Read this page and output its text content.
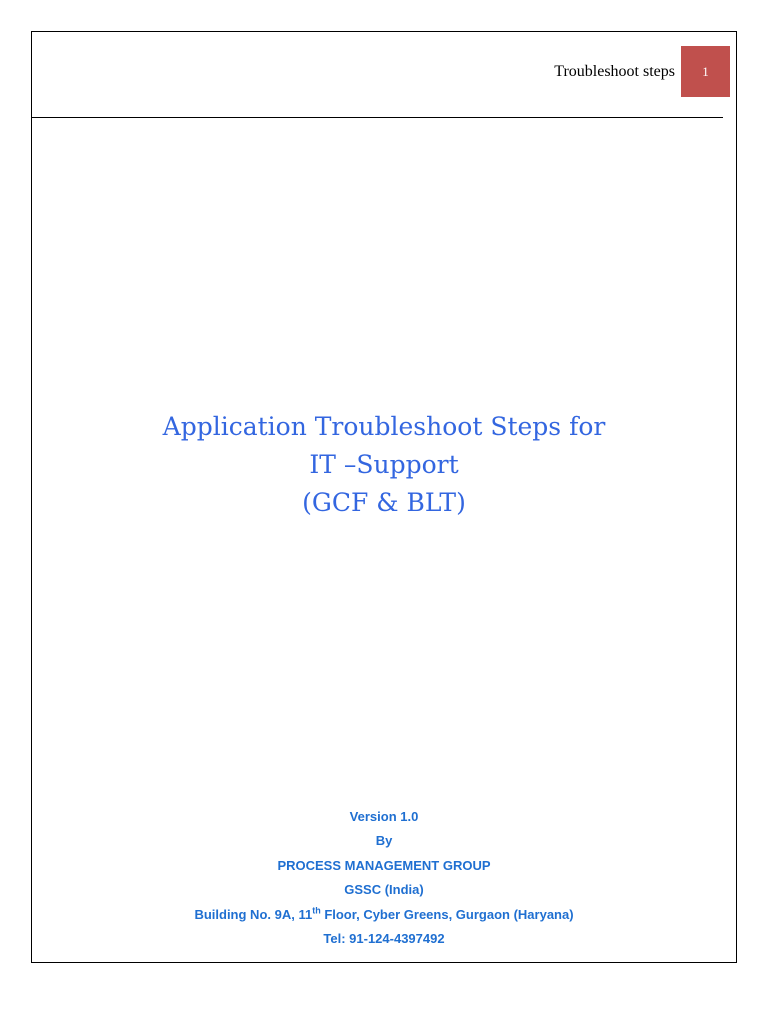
Troubleshoot steps 1
Application Troubleshoot Steps for
IT –Support
(GCF & BLT)
Version 1.0
By
PROCESS MANAGEMENT GROUP
GSSC (India)
Building No. 9A, 11th Floor, Cyber Greens, Gurgaon (Haryana)
Tel: 91-124-4397492
